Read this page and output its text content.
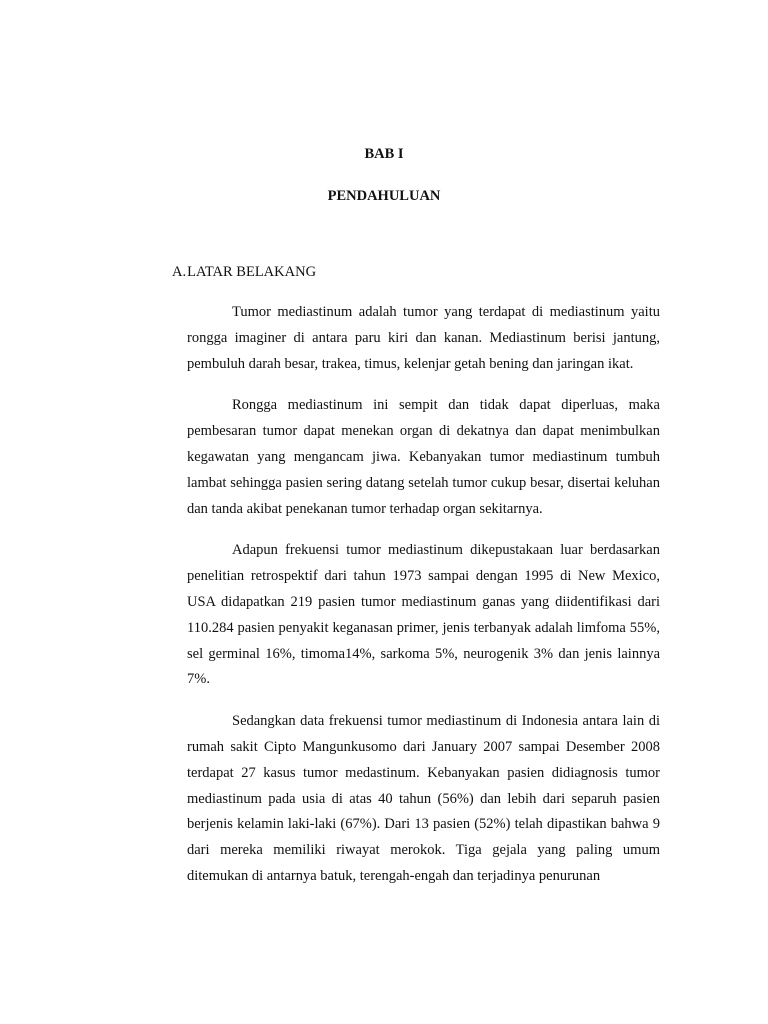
BAB I
PENDAHULUAN
A.LATAR BELAKANG

Tumor mediastinum adalah tumor yang terdapat di mediastinum yaitu rongga imaginer di antara paru kiri dan kanan. Mediastinum berisi jantung, pembuluh darah besar, trakea, timus, kelenjar getah bening dan jaringan ikat.

Rongga mediastinum ini sempit dan tidak dapat diperluas, maka pembesaran tumor dapat menekan organ di dekatnya dan dapat menimbulkan kegawatan yang mengancam jiwa. Kebanyakan tumor mediastinum tumbuh lambat sehingga pasien sering datang setelah tumor cukup besar, disertai keluhan dan tanda akibat penekanan tumor terhadap organ sekitarnya.

Adapun frekuensi tumor mediastinum dikepustakaan luar berdasarkan penelitian retrospektif dari tahun 1973 sampai dengan 1995 di New Mexico, USA didapatkan 219 pasien tumor mediastinum ganas yang diidentifikasi dari 110.284 pasien penyakit keganasan primer, jenis terbanyak adalah limfoma 55%, sel germinal 16%, timoma14%, sarkoma 5%, neurogenik 3% dan jenis lainnya 7%.

Sedangkan data frekuensi tumor mediastinum di Indonesia antara lain di rumah sakit Cipto Mangunkusomo dari January 2007 sampai Desember 2008 terdapat 27 kasus tumor medastinum. Kebanyakan pasien didiagnosis tumor mediastinum pada usia di atas 40 tahun (56%) dan lebih dari separuh pasien berjenis kelamin laki-laki (67%). Dari 13 pasien (52%) telah dipastikan bahwa 9 dari mereka memiliki riwayat merokok. Tiga gejala yang paling umum ditemukan di antarnya batuk, terengah-engah dan terjadinya penurunan
